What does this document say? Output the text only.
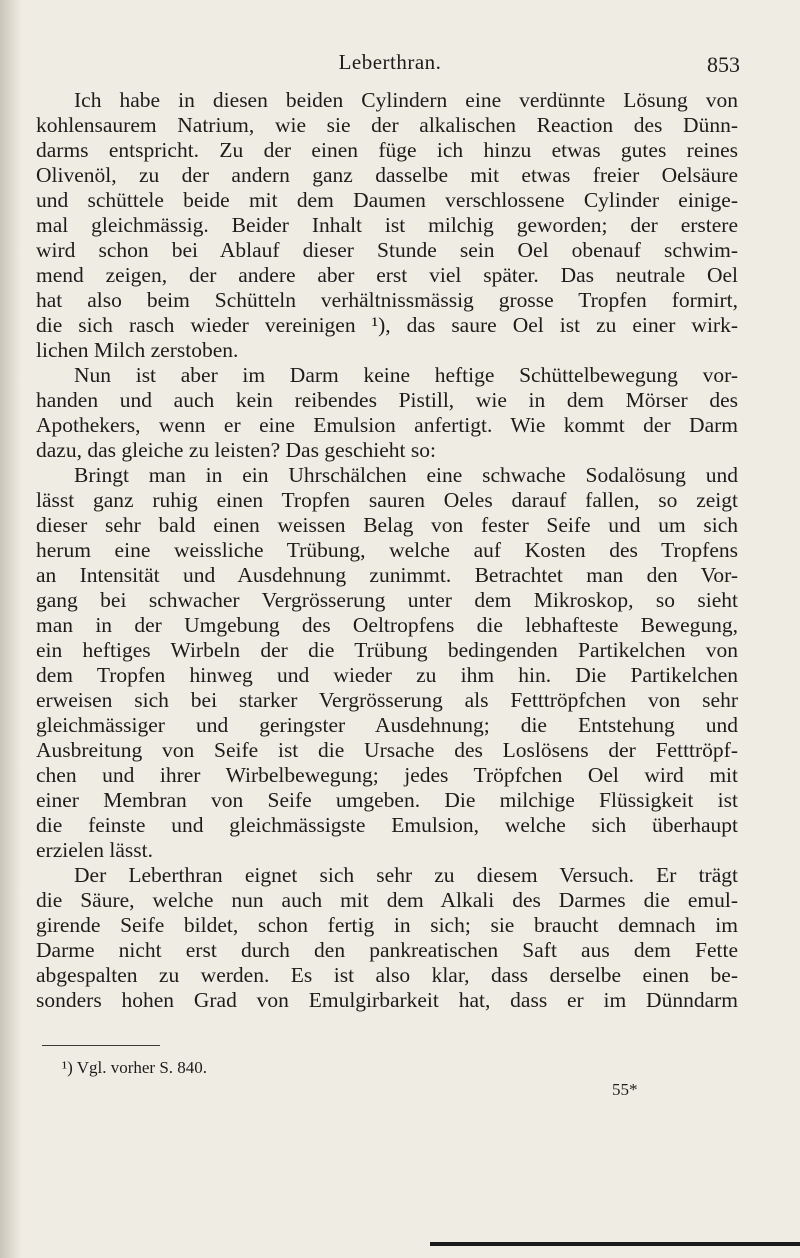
Leberthran.	853
Ich habe in diesen beiden Cylindern eine verdünnte Lösung von
kohlensaurem Natrium, wie sie der alkalischen Reaction des Dünn-
darms entspricht. Zu der einen füge ich hinzu etwas gutes reines
Olivenöl, zu der andern ganz dasselbe mit etwas freier Oelsäure
und schüttele beide mit dem Daumen verschlossene Cylinder einige-
mal gleichmässig. Beider Inhalt ist milchig geworden; der erstere
wird schon bei Ablauf dieser Stunde sein Oel obenauf schwim-
mend zeigen, der andere aber erst viel später. Das neutrale Oel
hat also beim Schütteln verhältnissmässig grosse Tropfen formirt,
die sich rasch wieder vereinigen ¹), das saure Oel ist zu einer wirk-
lichen Milch zerstoben.
Nun ist aber im Darm keine heftige Schüttelbewegung vor-
handen und auch kein reibendes Pistill, wie in dem Mörser des
Apothekers, wenn er eine Emulsion anfertigt. Wie kommt der Darm
dazu, das gleiche zu leisten? Das geschieht so:
Bringt man in ein Uhrschälchen eine schwache Sodalösung und
lässt ganz ruhig einen Tropfen sauren Oeles darauf fallen, so zeigt
dieser sehr bald einen weissen Belag von fester Seife und um sich
herum eine weissliche Trübung, welche auf Kosten des Tropfens
an Intensität und Ausdehnung zunimmt. Betrachtet man den Vor-
gang bei schwacher Vergrösserung unter dem Mikroskop, so sieht
man in der Umgebung des Oeltropfens die lebhafteste Bewegung,
ein heftiges Wirbeln der die Trübung bedingenden Partikelchen von
dem Tropfen hinweg und wieder zu ihm hin. Die Partikelchen
erweisen sich bei starker Vergrösserung als Fetttröpfchen von sehr
gleichmässiger und geringster Ausdehnung; die Entstehung und
Ausbreitung von Seife ist die Ursache des Loslösens der Fetttröpf-
chen und ihrer Wirbelbewegung; jedes Tröpfchen Oel wird mit
einer Membran von Seife umgeben. Die milchige Flüssigkeit ist
die feinste und gleichmässigste Emulsion, welche sich überhaupt
erzielen lässt.
Der Leberthran eignet sich sehr zu diesem Versuch. Er trägt
die Säure, welche nun auch mit dem Alkali des Darmes die emul-
girende Seife bildet, schon fertig in sich; sie braucht demnach im
Darme nicht erst durch den pankreatischen Saft aus dem Fette
abgespalten zu werden. Es ist also klar, dass derselbe einen be-
sonders hohen Grad von Emulgirbarkeit hat, dass er im Dünndarm
¹) Vgl. vorher S. 840.
55*
